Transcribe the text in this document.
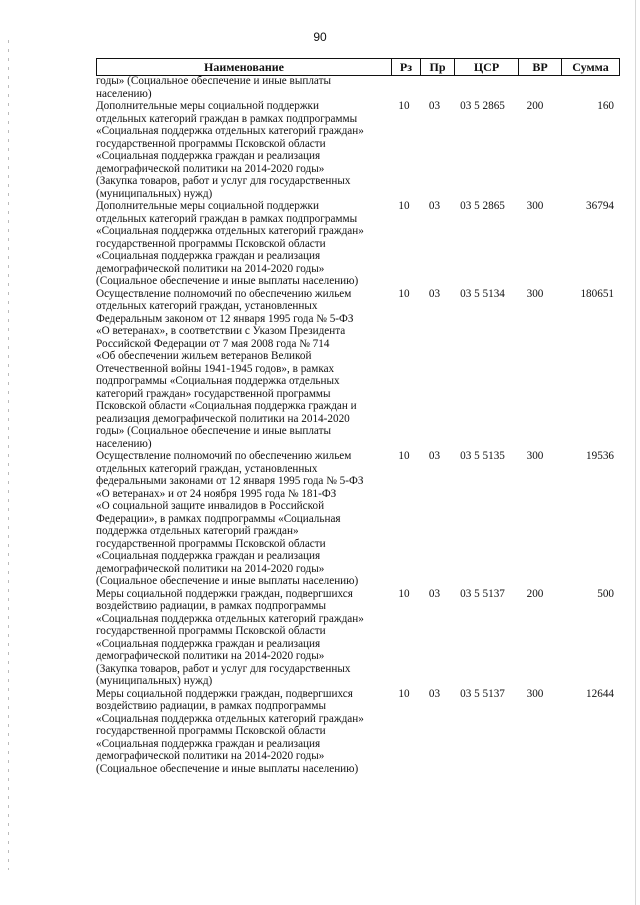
90
Наименование	Рз	Пр	ЦСР	ВР	Сумма
годы» (Социальное обеспечение и иные выплаты
населению)
Дополнительные меры социальной поддержки
отдельных категорий граждан в рамках подпрограммы
«Социальная поддержка отдельных категорий граждан»
государственной программы Псковской области
«Социальная поддержка граждан и реализация
демографической политики на 2014-2020 годы»
(Закупка товаров, работ и услуг для государственных
(муниципальных) нужд)
10	03	03 5 2865	200	160
Дополнительные меры социальной поддержки
отдельных категорий граждан в рамках подпрограммы
«Социальная поддержка отдельных категорий граждан»
государственной программы Псковской области
«Социальная поддержка граждан и реализация
демографической политики на 2014-2020 годы»
(Социальное обеспечение и иные выплаты населению)
10	03	03 5 2865	300	36794
Осуществление полномочий по обеспечению жильем
отдельных категорий граждан, установленных
Федеральным законом от 12 января 1995 года № 5-ФЗ
«О ветеранах», в соответствии с Указом Президента
Российской Федерации от 7 мая 2008 года № 714
«Об обеспечении жильем ветеранов Великой
Отечественной войны 1941-1945 годов», в рамках
подпрограммы «Социальная поддержка отдельных
категорий граждан» государственной программы
Псковской области «Социальная поддержка граждан и
реализация демографической политики на 2014-2020
годы» (Социальное обеспечение и иные выплаты
населению)
10	03	03 5 5134	300	180651
Осуществление полномочий по обеспечению жильем
отдельных категорий граждан, установленных
федеральными законами от 12 января 1995 года № 5-ФЗ
«О ветеранах» и от 24 ноября 1995 года № 181-ФЗ
«О социальной защите инвалидов в Российской
Федерации», в рамках подпрограммы «Социальная
поддержка отдельных категорий граждан»
государственной программы Псковской области
«Социальная поддержка граждан и реализация
демографической политики на 2014-2020 годы»
(Социальное обеспечение и иные выплаты населению)
10	03	03 5 5135	300	19536
Меры социальной поддержки граждан, подвергшихся
воздействию радиации, в рамках подпрограммы
«Социальная поддержка отдельных категорий граждан»
государственной программы Псковской области
«Социальная поддержка граждан и реализация
демографической политики на 2014-2020 годы»
(Закупка товаров, работ и услуг для государственных
(муниципальных) нужд)
10	03	03 5 5137	200	500
Меры социальной поддержки граждан, подвергшихся
воздействию радиации, в рамках подпрограммы
«Социальная поддержка отдельных категорий граждан»
государственной программы Псковской области
«Социальная поддержка граждан и реализация
демографической политики на 2014-2020 годы»
(Социальное обеспечение и иные выплаты населению)
10	03	03 5 5137	300	12644
